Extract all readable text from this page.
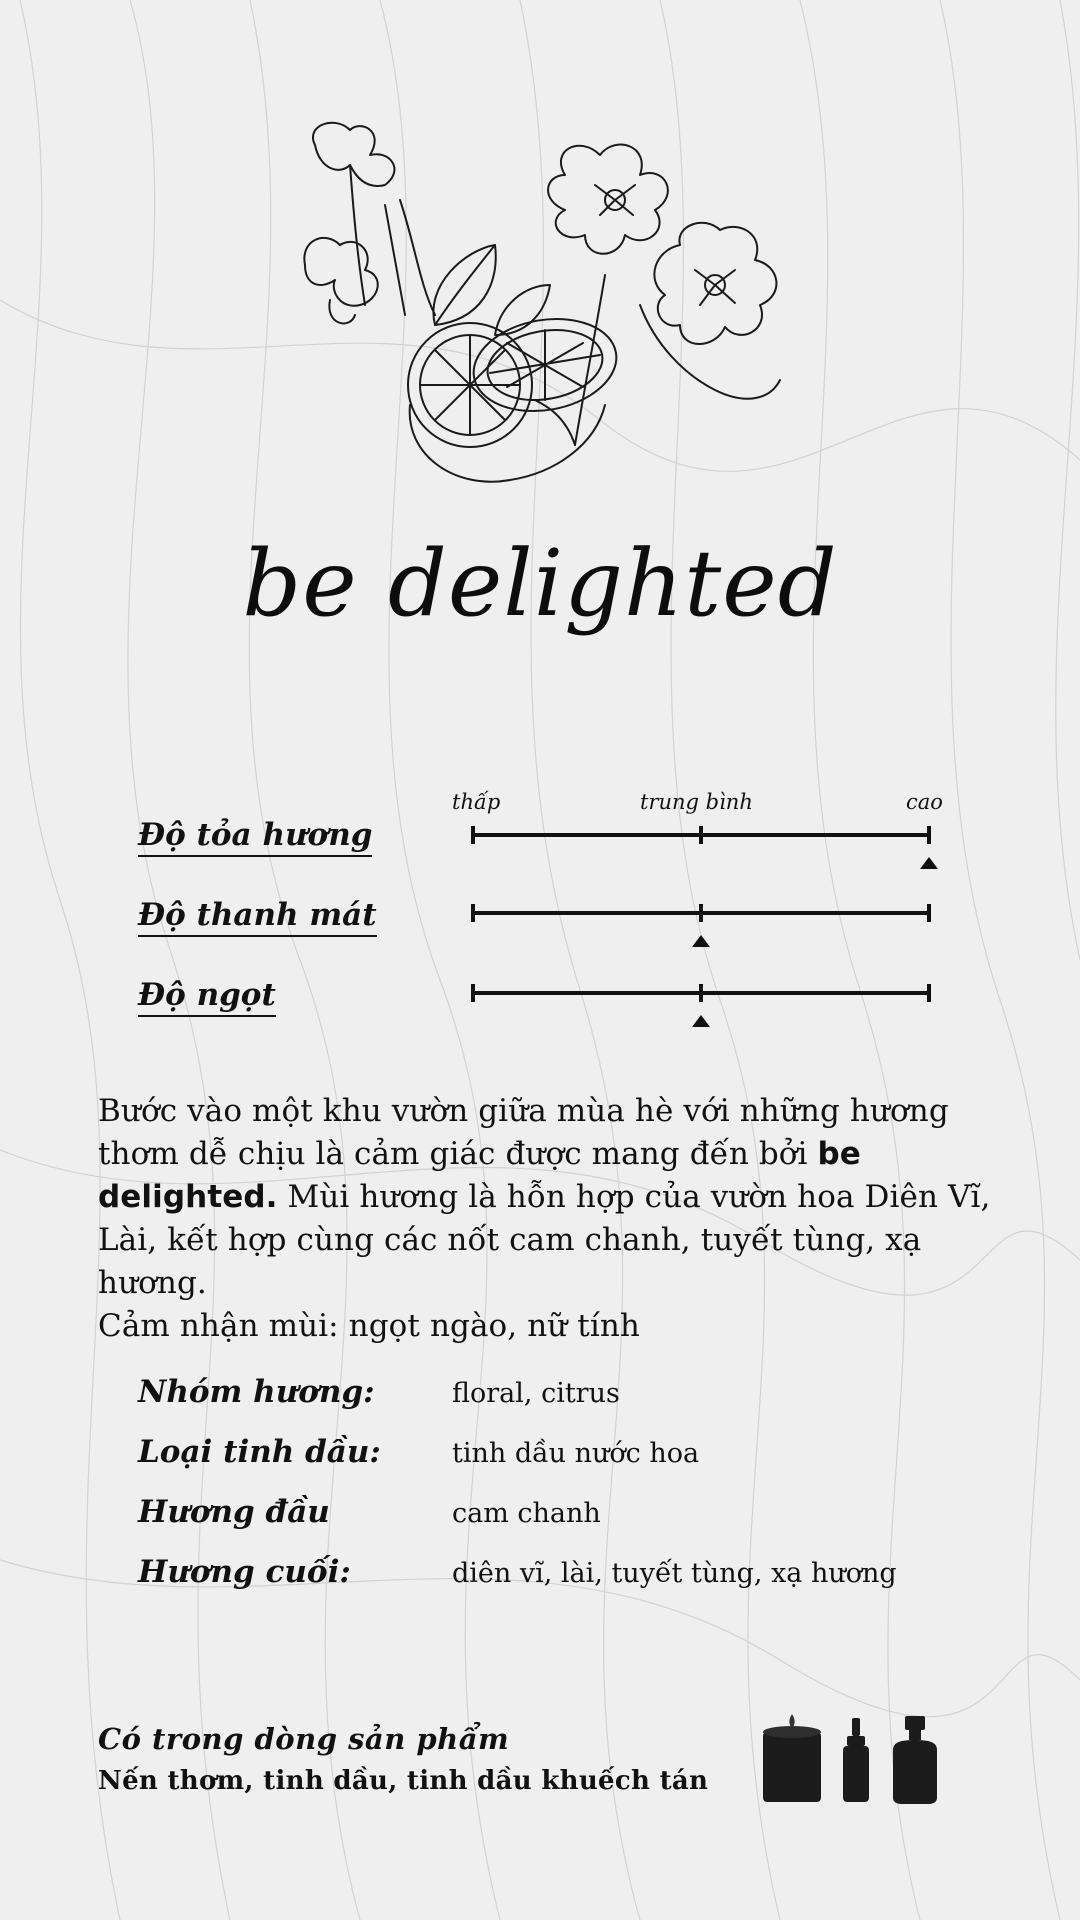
be delighted
thấp	trung bình	cao
Độ tỏa hương
Độ thanh mát
Độ ngọt

Bước vào một khu vườn giữa mùa hè với những hương thơm dễ chịu là cảm giác được mang đến bởi be delighted. Mùi hương là hỗn hợp của vườn hoa Diên Vĩ, Lài, kết hợp cùng các nốt cam chanh, tuyết tùng, xạ hương.

Cảm nhận mùi: ngọt ngào, nữ tính

Nhóm hương:	floral, citrus
Loại tinh dầu:	tinh dầu nước hoa
Hương đầu	cam chanh
Hương cuối:	diên vĩ, lài, tuyết tùng, xạ hương
Có trong dòng sản phẩm
Nến thơm, tinh dầu, tinh dầu khuếch tán
